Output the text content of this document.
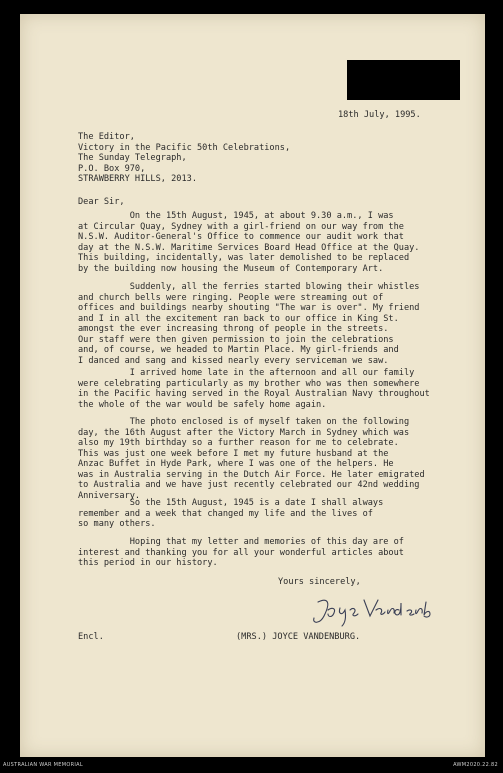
18th July, 1995.
The Editor,
Victory in the Pacific 50th Celebrations,
The Sunday Telegraph,
P.O. Box 970,
STRAWBERRY HILLS, 2013.
Dear Sir,
On the 15th August, 1945, at about 9.30 a.m., I was
at Circular Quay, Sydney with a girl-friend on our way from the
N.S.W. Auditor-General's Office to commence our audit work that
day at the N.S.W. Maritime Services Board Head Office at the Quay.
This building, incidentally, was later demolished to be replaced
by the building now housing the Museum of Contemporary Art.
Suddenly, all the ferries started blowing their whistles
and church bells were ringing. People were streaming out of
offices and buildings nearby shouting "The war is over". My friend
and I in all the excitement ran back to our office in King St.
amongst the ever increasing throng of people in the streets.
Our staff were then given permission to join the celebrations
and, of course, we headed to Martin Place. My girl-friends and
I danced and sang and kissed nearly every serviceman we saw.
I arrived home late in the afternoon and all our family
were celebrating particularly as my brother who was then somewhere
in the Pacific having served in the Royal Australian Navy throughout
the whole of the war would be safely home again.
The photo enclosed is of myself taken on the following
day, the 16th August after the Victory March in Sydney which was
also my 19th birthday so a further reason for me to celebrate.
This was just one week before I met my future husband at the
Anzac Buffet in Hyde Park, where I was one of the helpers. He
was in Australia serving in the Dutch Air Force. He later emigrated
to Australia and we have just recently celebrated our 42nd wedding
Anniversary.
So the 15th August, 1945 is a date I shall always
remember and a week that changed my life and the lives of
so many others.
Hoping that my letter and memories of this day are of
interest and thanking you for all your wonderful articles about
this period in our history.
Yours sincerely,
Encl.	(MRS.) JOYCE VANDENBURG.
AUSTRALIAN WAR MEMORIAL	AWM2020.22.82
